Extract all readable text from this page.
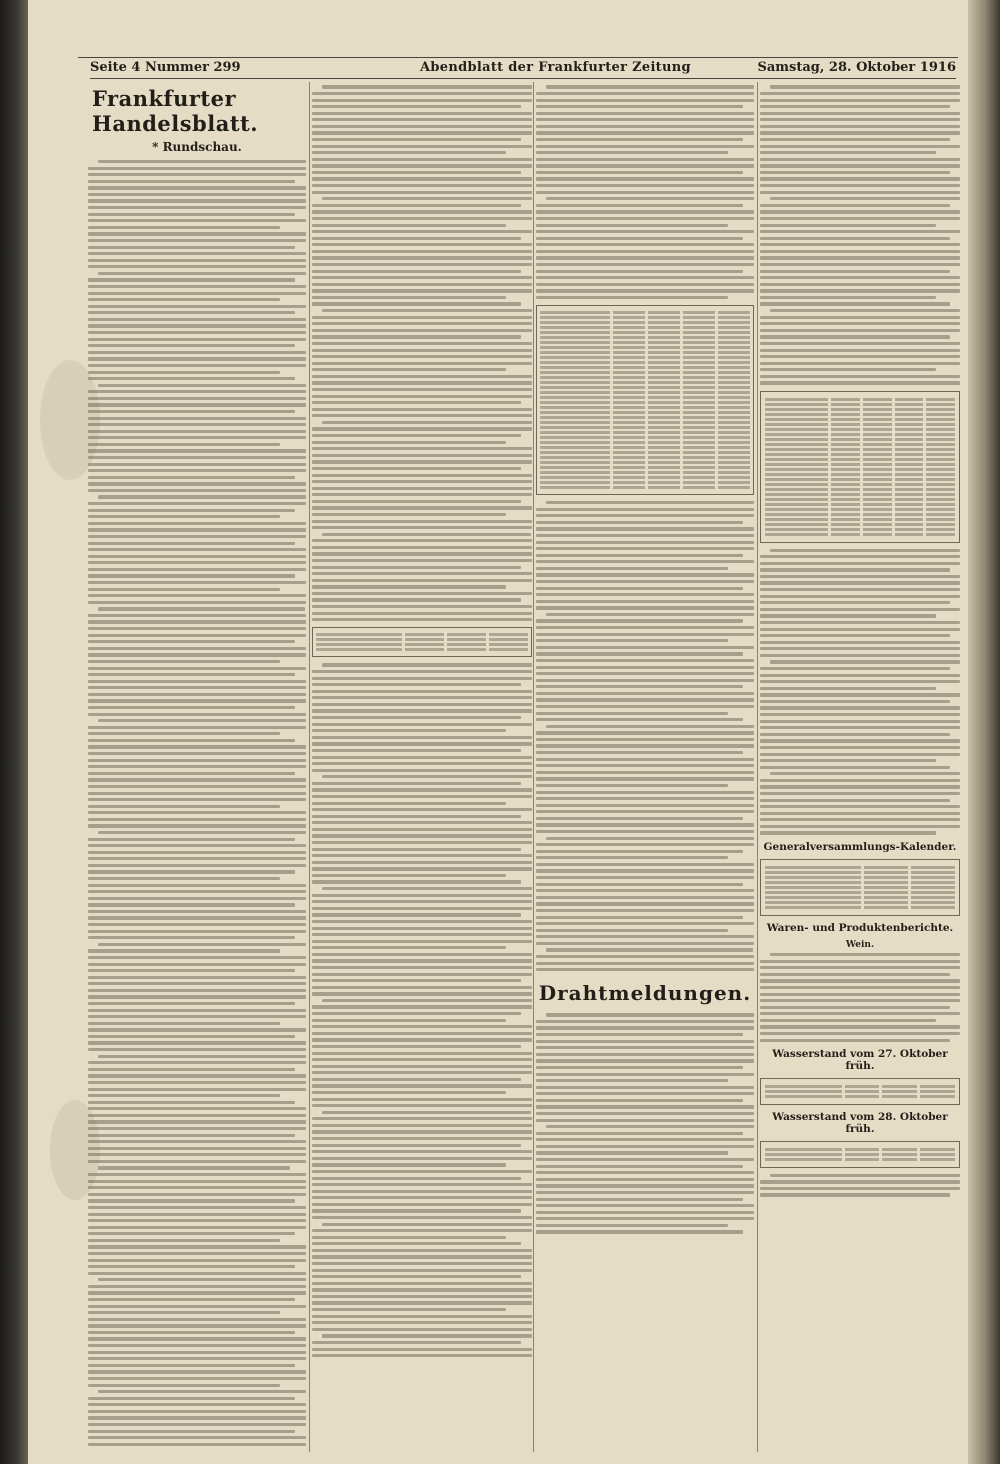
Seite 4 Nummer 299	Abendblatt der Frankfurter Zeitung	Samstag, 28. Oktober 1916
Frankfurter Handelsblatt.
* Rundschau.
Drahtmeldungen.
Generalversammlungs-Kalender.
Waren- und Produktenberichte.
Wein.
Wasserstand vom 27. Oktober früh.
Wasserstand vom 28. Oktober früh.
